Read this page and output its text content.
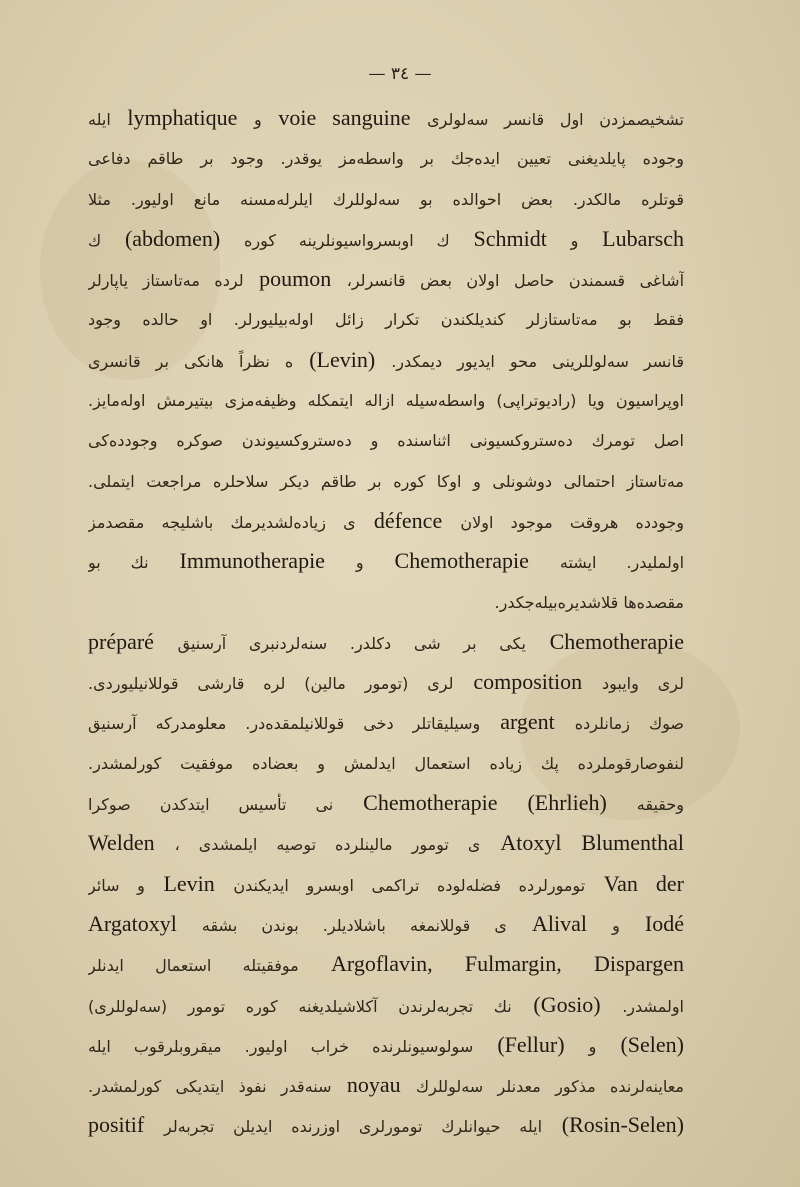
— ٣٤ —
تشخیصمزدن اول قانسر سه‌لولری voie sanguine و lymphatique ایله
وجوده پایلدیغنی تعیین ایده‌جك بر واسطه‌مز یوقدر. وجود بر طاقم دفاعی
قوتلره مالکدر. بعض احوالده بو سه‌لوللرك ایلرله‌مسنه مانع اولیور. مثلا
Lubarsch و Schmidt ك اوبسرواسیونلرینه کوره (abdomen) ك
آشاغی قسمندن حاصل اولان بعض قانسرلر، poumon لرده مه‌تاستاز یاپارلر
فقط بو مه‌تاستازلر کندیلکندن تکرار زائل اوله‌بیلیورلر. او حالده وجود
قانسر سه‌لوللرینی محو ایدیور دیمکدر. (Levin) ه نظراً هانکی بر قانسری
اوپراسیون ویا (رادیوتراپی) واسطه‌سیله ازاله ایتمکله وظیفه‌مزی بیتیرمش اوله‌مایز.
اصل تومرك ده‌ستروکسیونی اثناسنده و ده‌ستروکسیوندن صوکره وجودده‌کی
مه‌تاستاز احتمالی دوشونلی و اوکا کوره بر طاقم دیکر سلاحلره مراجعت ایتملی.
وجودده هروقت موجود اولان défence ی زیاده‌لشدیرمك باشلیجه مقصدمز
اولملیدر. ایشته Chemotherapie و Immunotherapie نك بو
مقصده‌ها قلاشدیره‌بیله‌جکدر.
Chemotherapie یکی بر شی دکلدر. سنه‌لردنبری آرسنیق préparé
لری وایبود composition لری (تومور مالین) لره قارشی قوللانیلیوردی.
صوك زمانلرده argent وسیلیقاتلر دخی قوللانیلمقده‌در. معلومدرکه آرسنیق
لنفوصارقوملرده پك زیاده استعمال ایدلمش و بعضاده موفقیت کورلمشدر.
وحقیقه (Ehrlieh) Chemotherapie نی تأسیس ایتدکدن صوکرا
Blumenthal Atoxyl ی تومور مالینلرده توصیه ایلمشدی ، Welden
Van der تومورلرده فضله‌لوده تراکمی اوبسرو ایدیکندن Levin و سائر
Iodé و Alival ی قوللانمغه باشلادیلر. بوندن بشقه Argatoxyl
Dispargen Fulmargin, Argoflavin, موفقیتله استعمال ایدنلر
اولمشدر. (Gosio) نك تجربه‌لرندن آکلاشیلدیغنه کوره تومور (سه‌لوللری)
(Selen) و (Fellur) سولوسیونلرنده خراب اولیور. میقروبلرقوب ایله
معاینه‌لرنده مذکور معدنلر سه‌لوللرك noyau سنه‌قدر نفوذ ایتدیکی کورلمشدر.
(Rosin-Selen) ایله حیوانلرك تومورلری اوزرنده ایدیلن تجربه‌لر positif
